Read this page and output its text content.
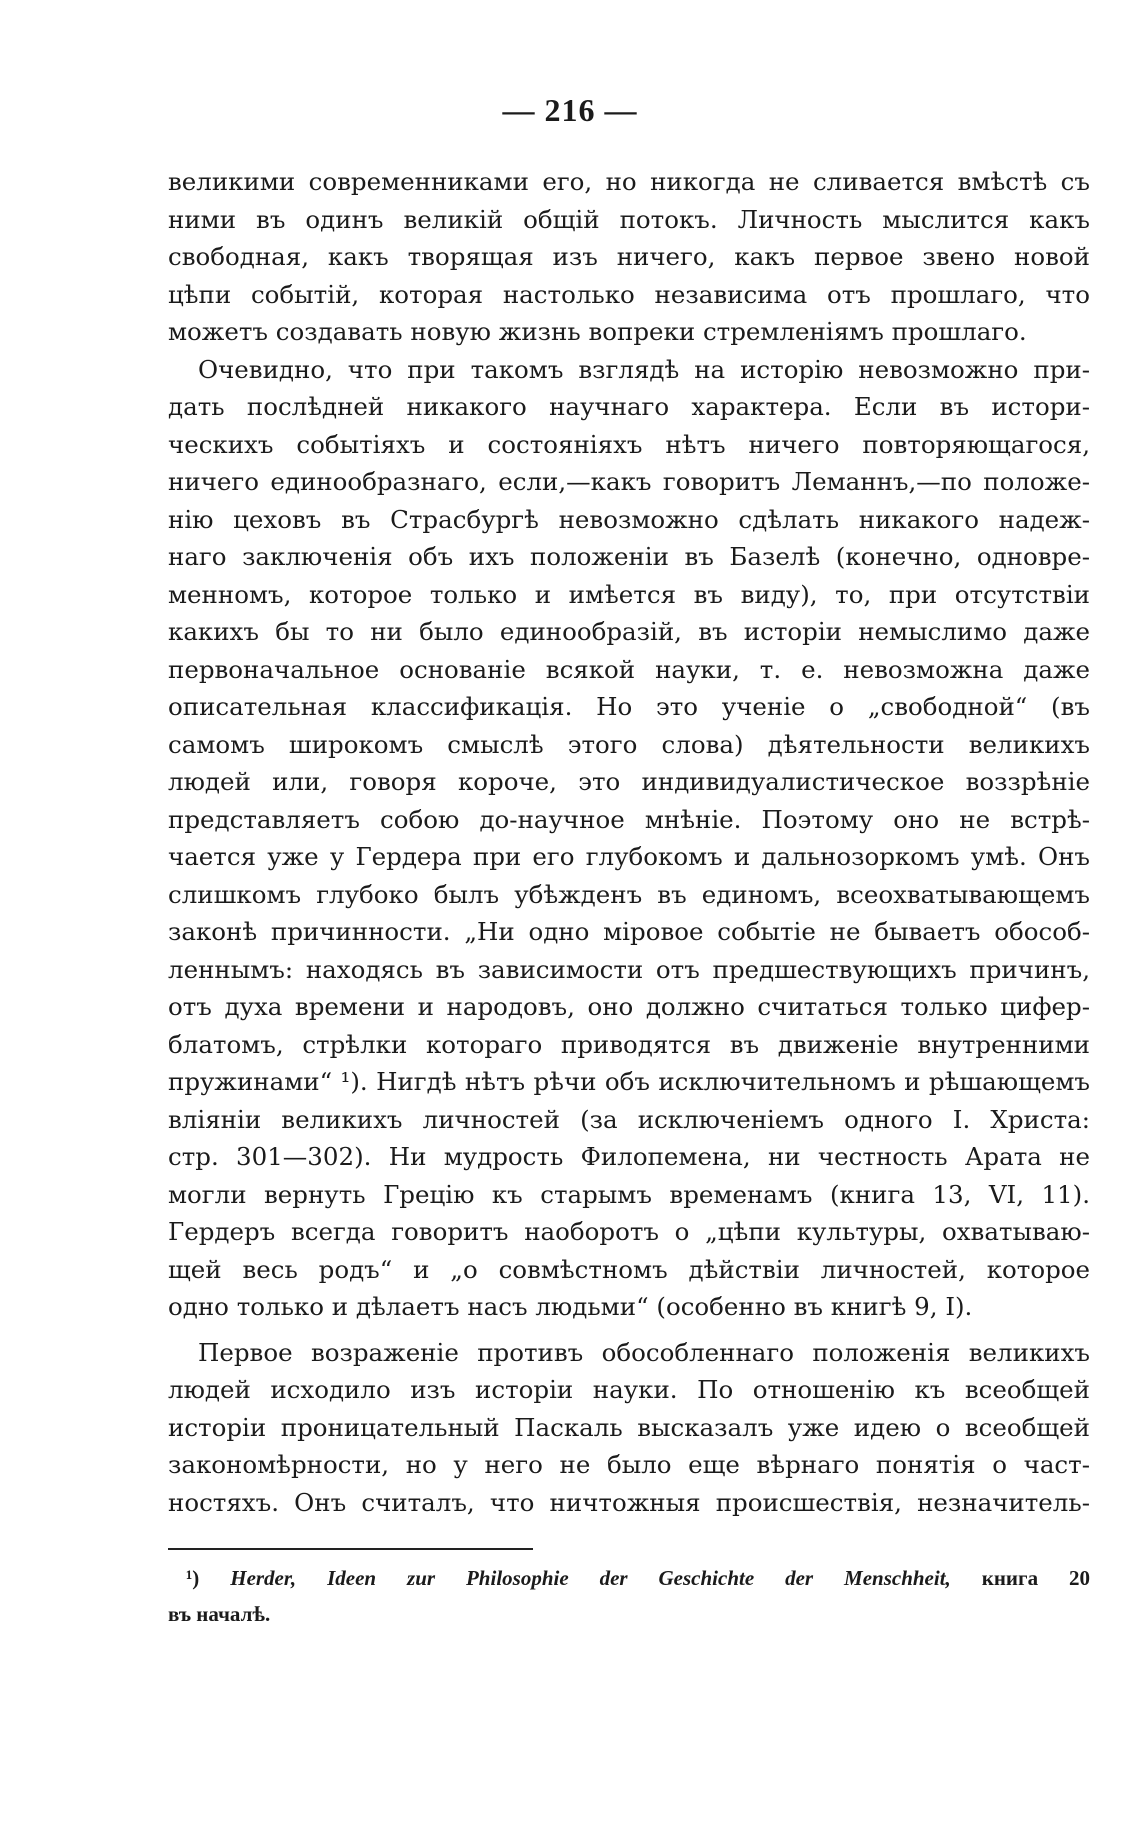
— 216 —
великими современниками его, но никогда не сливается вмѣстѣ съ
ними въ одинъ великій общій потокъ. Личность мыслится какъ
свободная, какъ творящая изъ ничего, какъ первое звено новой
цѣпи событій, которая настолько независима отъ прошлаго, что
можетъ создавать новую жизнь вопреки стремленіямъ прошлаго.
Очевидно, что при такомъ взглядѣ на исторію невозможно при-
дать послѣдней никакого научнаго характера. Если въ истори-
ческихъ событіяхъ и состояніяхъ нѣтъ ничего повторяющагося,
ничего единообразнаго, если,—какъ говоритъ Леманнъ,—по положе-
нію цеховъ въ Страсбургѣ невозможно сдѣлать никакого надеж-
наго заключенія объ ихъ положеніи въ Базелѣ (конечно, одновре-
менномъ, которое только и имѣется въ виду), то, при отсутствіи
какихъ бы то ни было единообразій, въ исторіи немыслимо даже
первоначальное основаніе всякой науки, т. е. невозможна даже
описательная классификація. Но это ученіе о „свободной“ (въ
самомъ широкомъ смыслѣ этого слова) дѣятельности великихъ
людей или, говоря короче, это индивидуалистическое воззрѣніе
представляетъ собою до-научное мнѣніе. Поэтому оно не встрѣ-
чается уже у Гердера при его глубокомъ и дальнозоркомъ умѣ. Онъ
слишкомъ глубоко былъ убѣжденъ въ единомъ, всеохватывающемъ
законѣ причинности. „Ни одно міровое событіе не бываетъ обособ-
леннымъ: находясь въ зависимости отъ предшествующихъ причинъ,
отъ духа времени и народовъ, оно должно считаться только цифер-
блатомъ, стрѣлки котораго приводятся въ движеніе внутренними
пружинами“ ¹). Нигдѣ нѣтъ рѣчи объ исключительномъ и рѣшающемъ
вліяніи великихъ личностей (за исключеніемъ одного І. Христа:
стр. 301—302). Ни мудрость Филопемена, ни честность Арата не
могли вернуть Грецію къ старымъ временамъ (книга 13, VI, 11).
Гердеръ всегда говоритъ наоборотъ о „цѣпи культуры, охватываю-
щей весь родъ“ и „о совмѣстномъ дѣйствіи личностей, которое
одно только и дѣлаетъ насъ людьми“ (особенно въ книгѣ 9, І).
Первое возраженіе противъ обособленнаго положенія великихъ
людей исходило изъ исторіи науки. По отношенію къ всеобщей
исторіи проницательный Паскаль высказалъ уже идею о всеобщей
закономѣрности, но у него не было еще вѣрнаго понятія о част-
ностяхъ. Онъ считалъ, что ничтожныя происшествія, незначитель-
¹) Herder, Ideen zur Philosophie der Geschichte der Menschheit, книга 20
въ началѣ.
